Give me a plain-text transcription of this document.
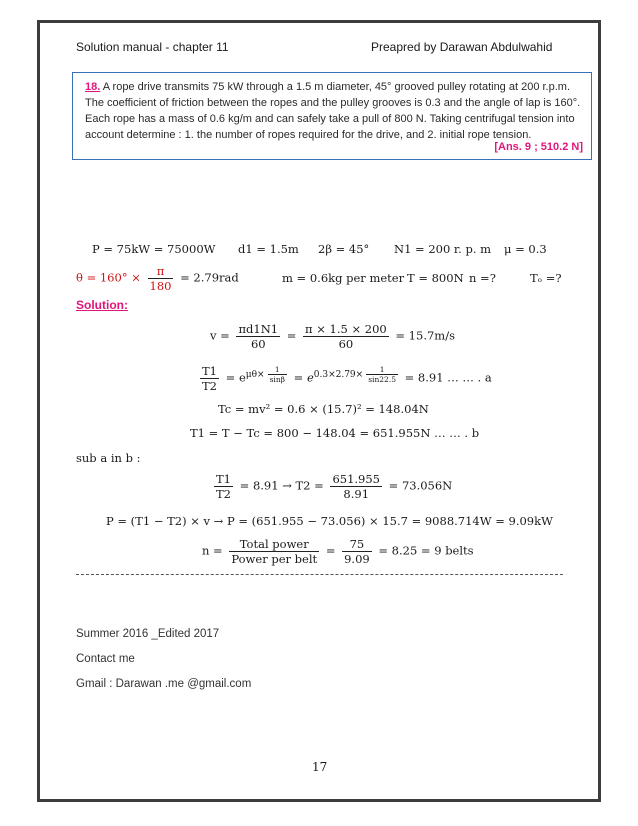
Solution manual - chapter 11	Preapred by Darawan Abdulwahid
18. A rope drive transmits 75 kW through a 1.5 m diameter, 45° grooved pulley rotating at 200 r.p.m. The coefficient of friction between the ropes and the pulley grooves is 0.3 and the angle of lap is 160°. Each rope has a mass of 0.6 kg/m and can safely take a pull of 800 N. Taking centrifugal tension into account determine : 1. the number of ropes required for the drive, and 2. initial rope tension.
[Ans. 9 ; 510.2 N]
P = 75kW = 75000W d1 = 1.5m 2β = 45° N1 = 200 r. p. m μ = 0.3
$\theta = 160^\circ \times \frac{\pi}{180} = 2.79rad$	m = 0.6kg per meter T = 800N n =?	Tₒ =?
Solution:
$v = \frac{\pi d1N1}{60} = \frac{\pi \times 1.5 \times 200}{60} = 15.7m/s$
$\frac{T1}{T2} = e^{\mu\theta\times \frac{1}{\sin\beta}} = e^{0.3\times 2.79\times \frac{1}{\sin 22.5}} = 8.91$ … … . a
Tc = mv² = 0.6 × (15.7)² = 148.04N
T1 = T − Tc = 800 − 148.04 = 651.955N … … . b
sub a in b :
$\frac{T1}{T2} = 8.91 \to T2 = \frac{651.955}{8.91} = 73.056N$
P = (T1 − T2) × v → P = (651.955 − 73.056) × 15.7 = 9088.714W = 9.09kW
$n = \frac{\text{Total power}}{\text{Power per belt}} = \frac{75}{9.09} = 8.25 = 9$ belts
Summer 2016 _Edited 2017
Contact me
Gmail : Darawan .me @gmail.com
17
